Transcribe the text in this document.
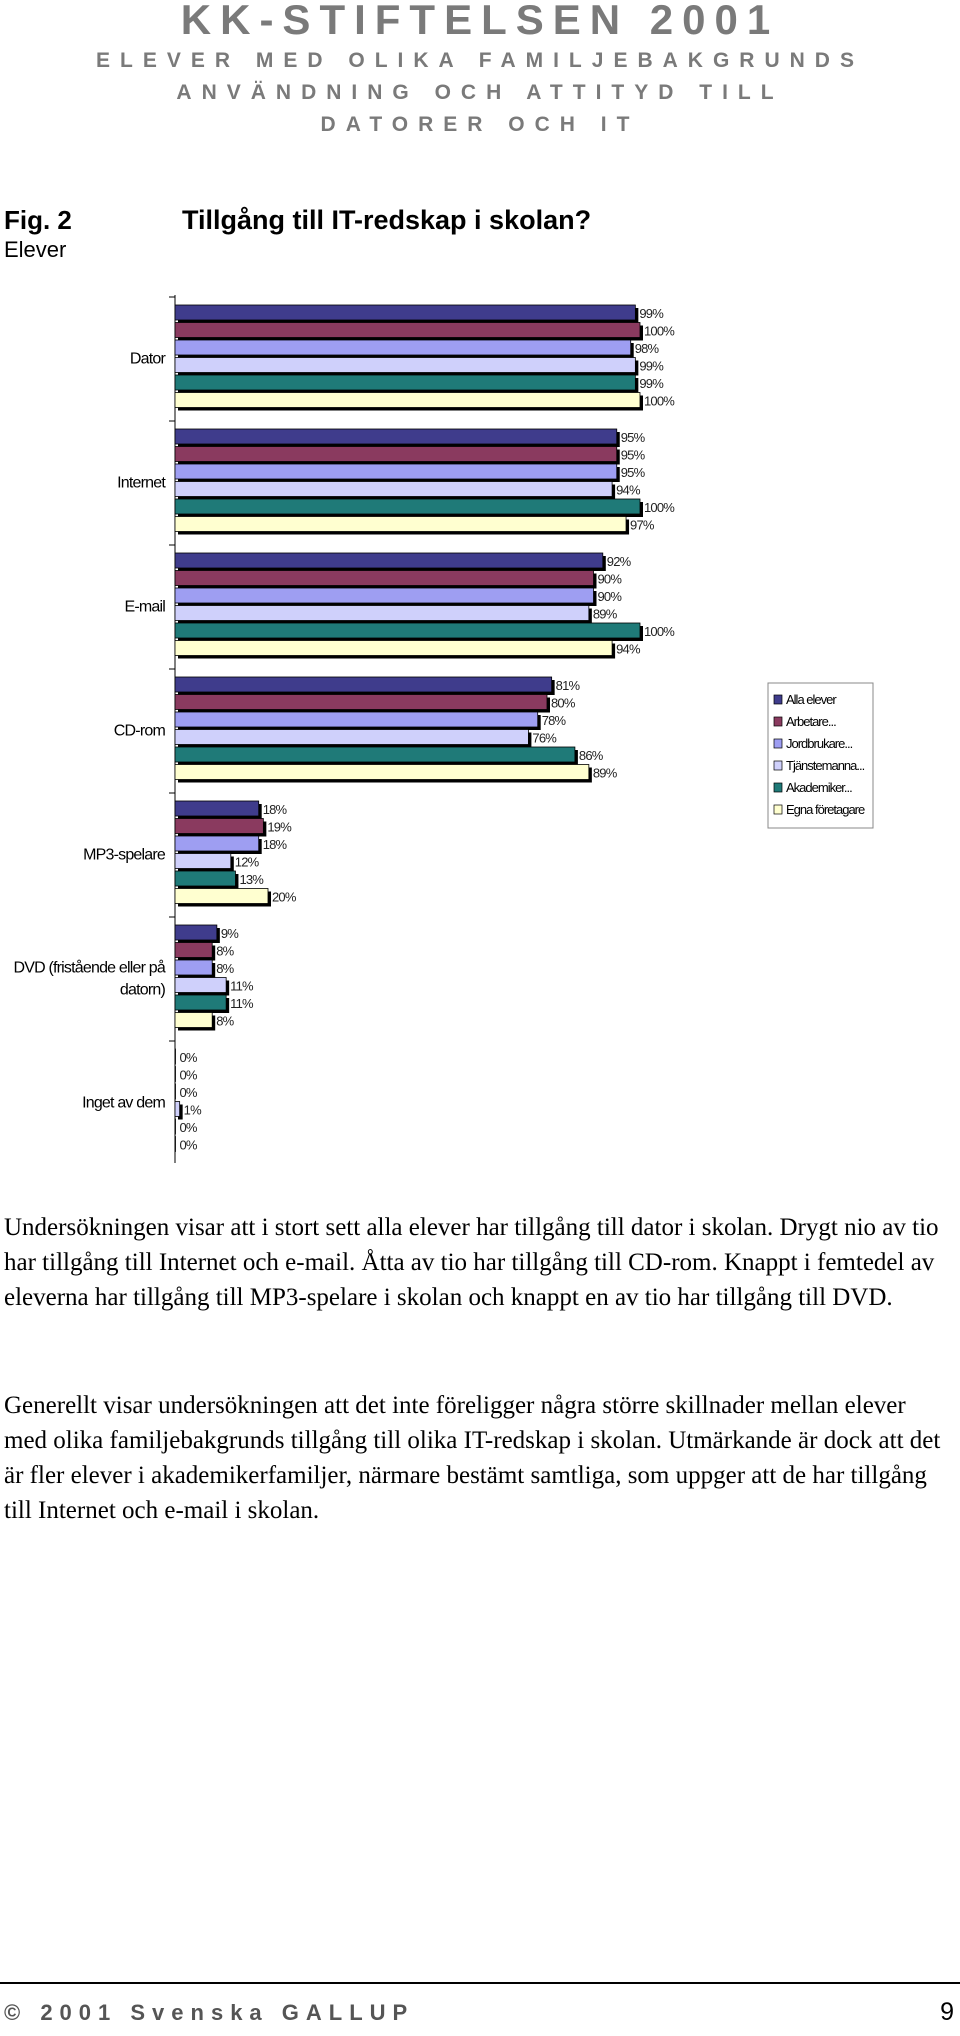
KK-STIFTELSEN 2001
ELEVER MED OLIKA FAMILJEBAKGRUNDS
ANVÄNDNING OCH ATTITYD TILL
DATORER OCH IT
Fig. 2
Elever
Tillgång till IT-redskap i skolan?
Dator
99%
100%
98%
99%
99%
100%
Internet
95%
95%
95%
94%
100%
97%
E-mail
92%
90%
90%
89%
100%
94%
CD-rom
81%
80%
78%
76%
86%
89%
MP3-spelare
18%
19%
18%
12%
13%
20%
DVD (fristående eller på datorn)
9%
8%
8%
11%
11%
8%
Inget av dem
0%
0%
0%
1%
0%
0%
Alla elever
Arbetare...
Jordbrukare...
Tjänstemanna...
Akademiker...
Egna företagare

Undersökningen visar att i stort sett alla elever har tillgång till dator i skolan. Drygt nio av tio har tillgång till Internet och e-mail. Åtta av tio har tillgång till CD-rom. Knappt i femtedel av eleverna har tillgång till MP3-spelare i skolan och knappt en av tio har tillgång till DVD.

Generellt visar undersökningen att det inte föreligger några större skillnader mellan elever med olika familjebakgrunds tillgång till olika IT-redskap i skolan. Utmärkande är dock att det är fler elever i akademikerfamiljer, närmare bestämt samtliga, som uppger att de har tillgång till Internet och e-mail i skolan.

© 2001 Svenska GALLUP	9
